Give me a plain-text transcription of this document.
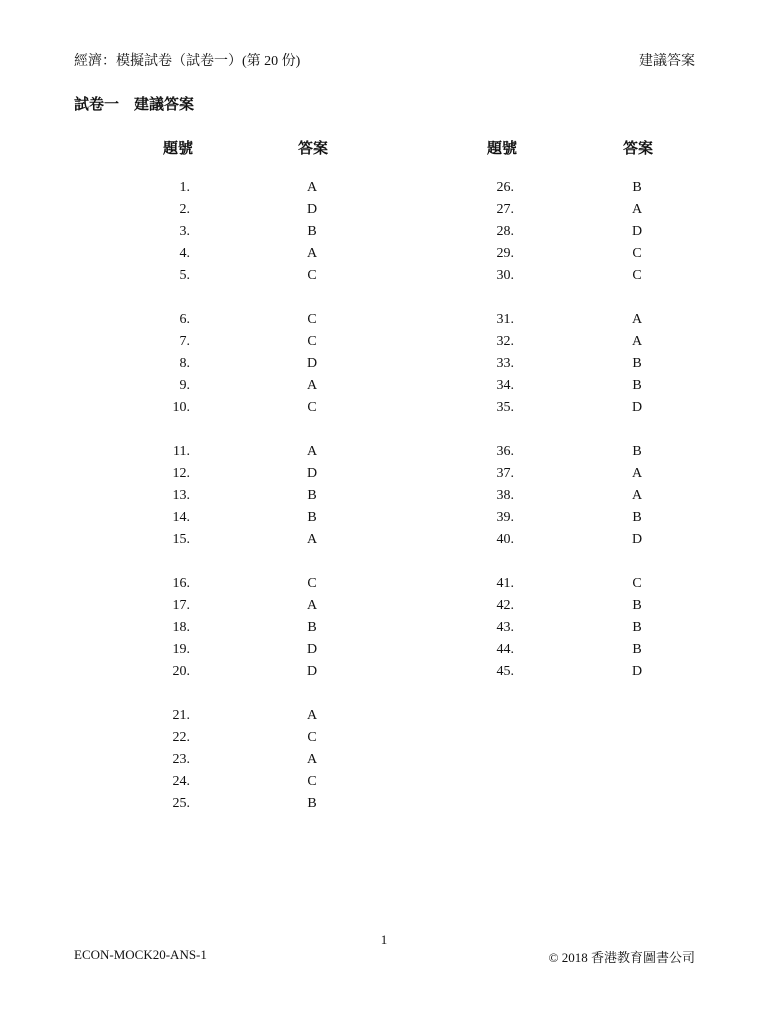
經濟：模擬試卷（試卷一）(第 20 份)	建議答案
試卷一　建議答案
題號	答案	題號	答案
1.	A
2.	D
3.	B
4.	A
5.	C
6.	C
7.	C
8.	D
9.	A
10.	C
11.	A
12.	D
13.	B
14.	B
15.	A
16.	C
17.	A
18.	B
19.	D
20.	D
21.	A
22.	C
23.	A
24.	C
25.	B
26.	B
27.	A
28.	D
29.	C
30.	C
31.	A
32.	A
33.	B
34.	B
35.	D
36.	B
37.	A
38.	A
39.	B
40.	D
41.	C
42.	B
43.	B
44.	B
45.	D
1
ECON-MOCK20-ANS-1	© 2018 香港教育圖書公司
